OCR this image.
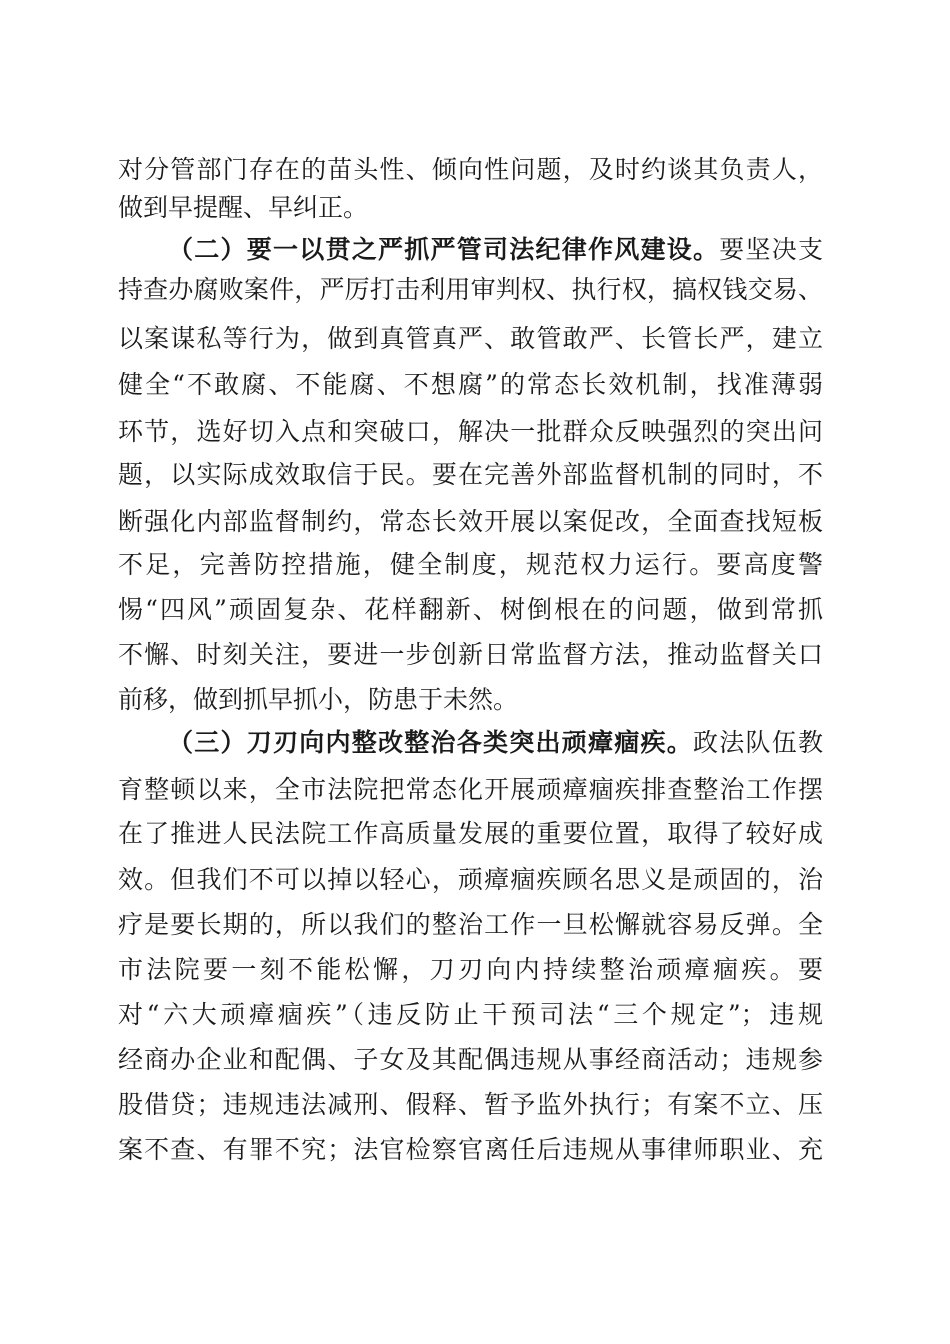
对分管部门存在的苗头性、倾向性问题，及时约谈其负责人，
做到早提醒、早纠正。
（二）要一以贯之严抓严管司法纪律作风建设。要坚决支
持查办腐败案件，严厉打击利用审判权、执行权，搞权钱交易、
以案谋私等行为，做到真管真严、敢管敢严、长管长严，建立
健全“不敢腐、不能腐、不想腐”的常态长效机制，找准薄弱
环节，选好切入点和突破口，解决一批群众反映强烈的突出问
题，以实际成效取信于民。要在完善外部监督机制的同时，不
断强化内部监督制约，常态长效开展以案促改，全面查找短板
不足，完善防控措施，健全制度，规范权力运行。要高度警
惕“四风”顽固复杂、花样翻新、树倒根在的问题，做到常抓
不懈、时刻关注，要进一步创新日常监督方法，推动监督关口
前移，做到抓早抓小，防患于未然。
（三）刀刃向内整改整治各类突出顽瘴痼疾。政法队伍教
育整顿以来，全市法院把常态化开展顽瘴痼疾排查整治工作摆
在了推进人民法院工作高质量发展的重要位置，取得了较好成
效。但我们不可以掉以轻心，顽瘴痼疾顾名思义是顽固的，治
疗是要长期的，所以我们的整治工作一旦松懈就容易反弹。全
市法院要一刻不能松懈，刀刃向内持续整治顽瘴痼疾。要
对“六大顽瘴痼疾”（违反防止干预司法“三个规定”；违规
经商办企业和配偶、子女及其配偶违规从事经商活动；违规参
股借贷；违规违法减刑、假释、暂予监外执行；有案不立、压
案不查、有罪不究；法官检察官离任后违规从事律师职业、充
